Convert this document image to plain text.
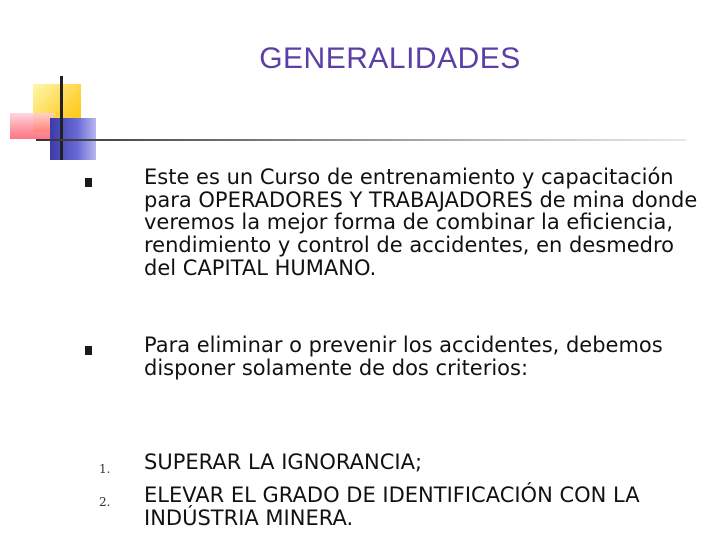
GENERALIDADES

Este es un Curso de entrenamiento y capacitación para OPERADORES Y TRABAJADORES de mina donde veremos la mejor forma de combinar la eficiencia, rendimiento y control de accidentes, en desmedro del CAPITAL HUMANO.

Para eliminar o prevenir los accidentes, debemos disponer solamente de dos criterios:

1. SUPERAR LA IGNORANCIA;

2. ELEVAR EL GRADO DE IDENTIFICACIÓN CON LA INDÚSTRIA MINERA.
